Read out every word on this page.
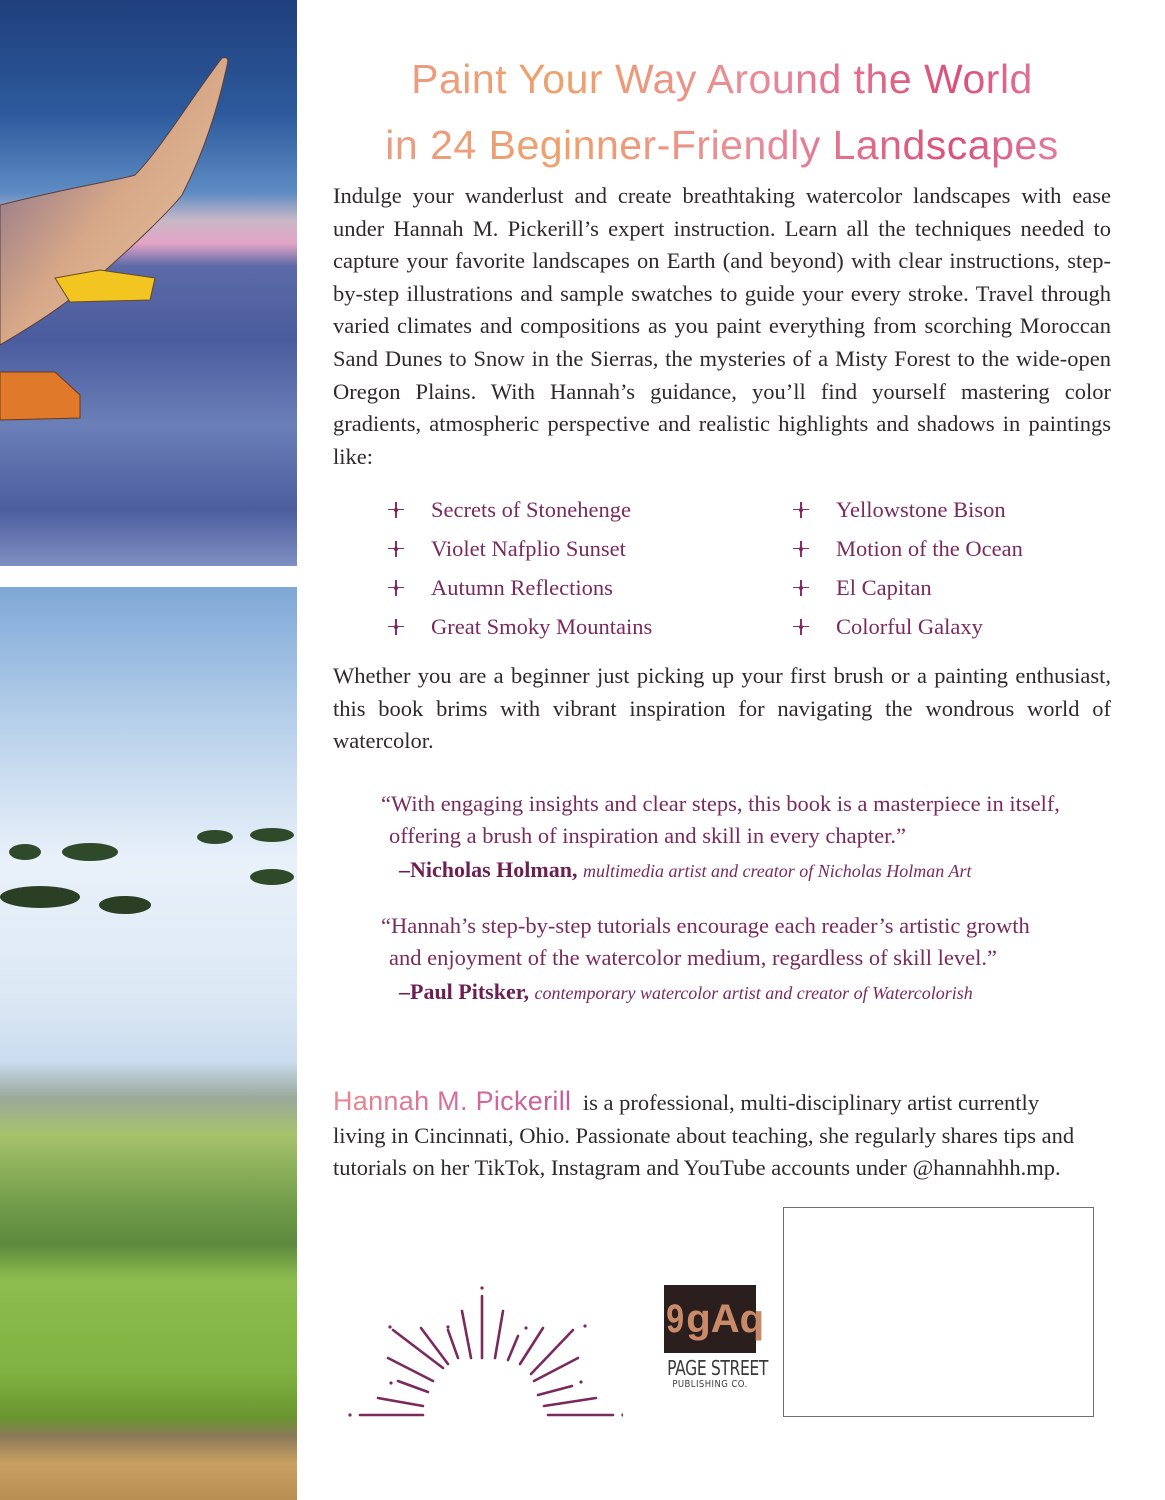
Paint Your Way Around the World
in 24 Beginner-Friendly Landscapes

Indulge your wanderlust and create breathtaking watercolor landscapes with ease under Hannah M. Pickerill’s expert instruction. Learn all the techniques needed to capture your favorite landscapes on Earth (and beyond) with clear instructions, step-by-step illustrations and sample swatches to guide your every stroke. Travel through varied climates and compositions as you paint everything from scorching Moroccan Sand Dunes to Snow in the Sierras, the mysteries of a Misty Forest to the wide-open Oregon Plains. With Hannah’s guidance, you’ll find yourself mastering color gradients, atmospheric perspective and realistic highlights and shadows in paintings like:

Secrets of Stonehenge
Violet Nafplio Sunset
Autumn Reflections
Great Smoky Mountains
Yellowstone Bison
Motion of the Ocean
El Capitan
Colorful Galaxy

Whether you are a beginner just picking up your first brush or a painting enthusiast, this book brims with vibrant inspiration for navigating the wondrous world of watercolor.

“With engaging insights and clear steps, this book is a masterpiece in itself, offering a brush of inspiration and skill in every chapter.”

–Nicholas Holman, multimedia artist and creator of Nicholas Holman Art

“Hannah’s step-by-step tutorials encourage each reader’s artistic growth and enjoyment of the watercolor medium, regardless of skill level.”

–Paul Pitsker, contemporary watercolor artist and creator of Watercolorish

Hannah M. Pickerill is a professional, multi-disciplinary artist currently living in Cincinnati, Ohio. Passionate about teaching, she regularly shares tips and tutorials on her TikTok, Instagram and YouTube accounts under @hannahhh.mp.

9 g A q
PAGE STREET
PUBLISHING CO.
